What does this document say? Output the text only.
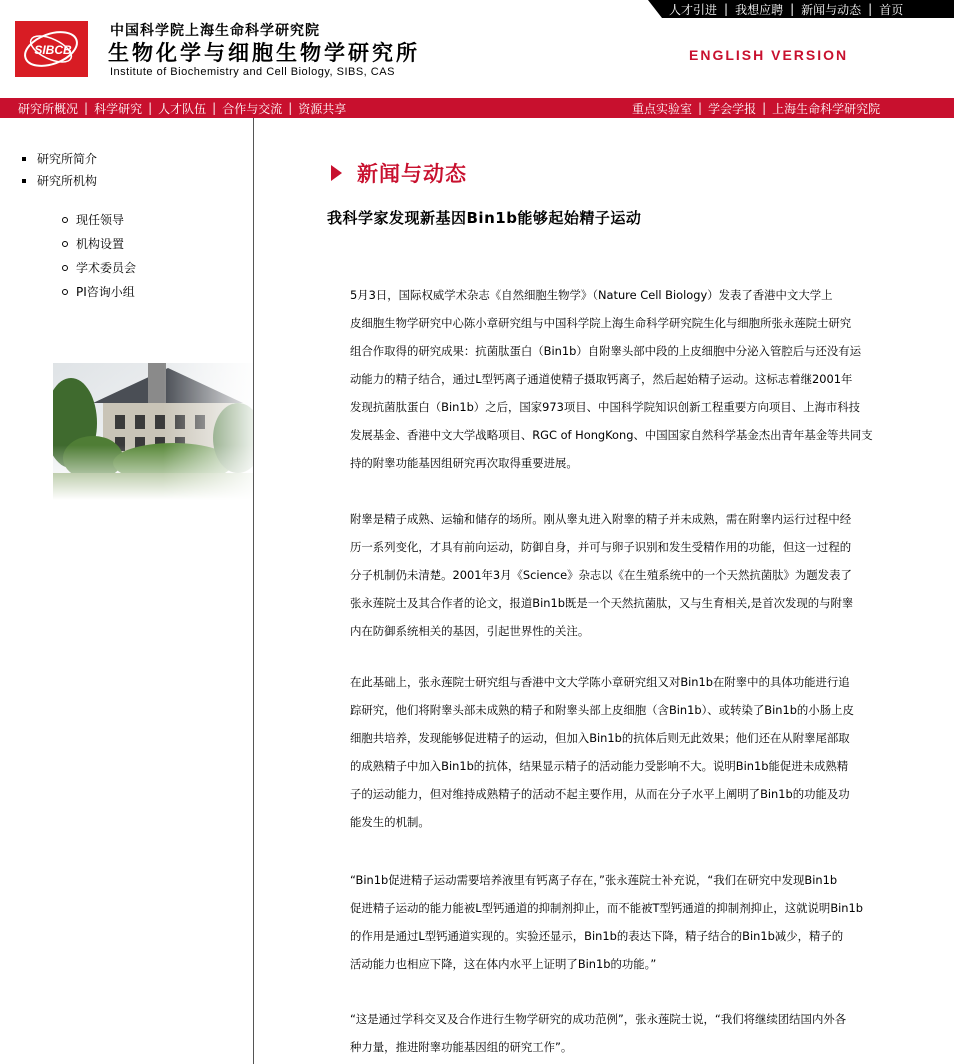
人才引进 | 我想应聘 | 新闻与动态 | 首页
SIBCB
中国科学院上海生命科学研究院
生物化学与细胞生物学研究所
Institute of Biochemistry and Cell Biology, SIBS, CAS
ENGLISH VERSION
研究所概况 | 科学研究 | 人才队伍 | 合作与交流 | 资源共享	重点实验室 | 学会学报 | 上海生命科学研究院
研究所简介
研究所机构
现任领导
机构设置
学术委员会
PI咨询小组
新闻与动态
我科学家发现新基因Bin1b能够起始精子运动
5月3日，国际权威学术杂志《自然细胞生物学》（Nature Cell Biology）发表了香港中文大学上
皮细胞生物学研究中心陈小章研究组与中国科学院上海生命科学研究院生化与细胞所张永莲院士研究
组合作取得的研究成果：抗菌肽蛋白（Bin1b）自附睾头部中段的上皮细胞中分泌入管腔后与还没有运
动能力的精子结合，通过L型钙离子通道使精子摄取钙离子，然后起始精子运动。这标志着继2001年
发现抗菌肽蛋白（Bin1b）之后，国家973项目、中国科学院知识创新工程重要方向项目、上海市科技
发展基金、香港中文大学战略项目、RGC of HongKong、中国国家自然科学基金杰出青年基金等共同支
持的附睾功能基因组研究再次取得重要进展。
附睾是精子成熟、运输和储存的场所。刚从睾丸进入附睾的精子并未成熟，需在附睾内运行过程中经
历一系列变化，才具有前向运动，防御自身，并可与卵子识别和发生受精作用的功能，但这一过程的
分子机制仍未清楚。2001年3月《Science》杂志以《在生殖系统中的一个天然抗菌肽》为题发表了
张永莲院士及其合作者的论文，报道Bin1b既是一个天然抗菌肽，又与生育相关,是首次发现的与附睾
内在防御系统相关的基因，引起世界性的关注。
在此基础上，张永莲院士研究组与香港中文大学陈小章研究组又对Bin1b在附睾中的具体功能进行追
踪研究，他们将附睾头部未成熟的精子和附睾头部上皮细胞（含Bin1b）、或转染了Bin1b的小肠上皮
细胞共培养，发现能够促进精子的运动，但加入Bin1b的抗体后则无此效果；他们还在从附睾尾部取
的成熟精子中加入Bin1b的抗体，结果显示精子的活动能力受影响不大。说明Bin1b能促进未成熟精
子的运动能力，但对维持成熟精子的活动不起主要作用，从而在分子水平上阐明了Bin1b的功能及功
能发生的机制。
“Bin1b促进精子运动需要培养液里有钙离子存在，”张永莲院士补充说，“我们在研究中发现Bin1b
促进精子运动的能力能被L型钙通道的抑制剂抑止，而不能被T型钙通道的抑制剂抑止，这就说明Bin1b
的作用是通过L型钙通道实现的。实验还显示，Bin1b的表达下降，精子结合的Bin1b减少，精子的
活动能力也相应下降，这在体内水平上证明了Bin1b的功能。”
“这是通过学科交叉及合作进行生物学研究的成功范例”，张永莲院士说，“我们将继续团结国内外各
种力量，推进附睾功能基因组的研究工作”。
